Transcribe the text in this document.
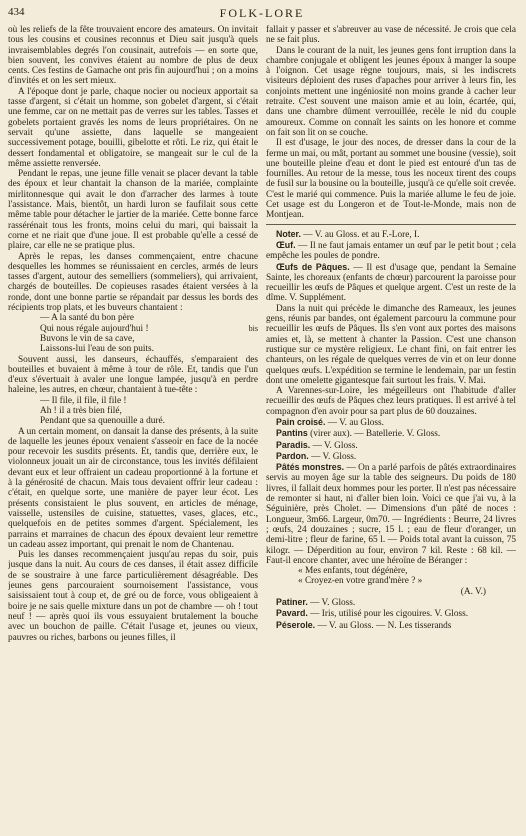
434	FOLK-LORE

où les reliefs de la fête trouvaient encore des amateurs. On invitait tous les cousins et cousines reconnus et Dieu sait jusqu'à quels invraisemblables degrés l'on cousinait, autrefois — en sorte que, bien souvent, les convives étaient au nombre de plus de deux cents. Ces festins de Gamache ont pris fin aujourd'hui ; on a moins d'invités et on les sert mieux.

A l'époque dont je parle, chaque nocier ou nocieux apportait sa tasse d'argent, si c'était un homme, son gobelet d'argent, si c'était une femme, car on ne mettait pas de verres sur les tables. Tasses et gobelets portaient gravés les noms de leurs propriétaires. On ne servait qu'une assiette, dans laquelle se mangeaient successivement potage, bouilli, gibelotte et rôti. Le riz, qui était le dessert fondamental et obligatoire, se mangeait sur le cul de la même assiette renversée.

Pendant le repas, une jeune fille venait se placer devant la table des époux et leur chantait la chanson de la mariée, complainte mirlitonnesque qui avait le don d'arracher des larmes à toute l'assistance. Mais, bientôt, un hardi luron se faufilait sous cette même table pour détacher le jartier de la mariée. Cette bonne farce rassérénait tous les fronts, moins celui du mari, qui baissait la corne et ne riait que d'une joue. Il est probable qu'elle a cessé de plaire, car elle ne se pratique plus.

Après le repas, les danses commençaient, entre chacune desquelles les hommes se réunissaient en cercles, armés de leurs tasses d'argent, autour des semelliers (sommeliers), qui arrivaient, chargés de bouteilles. De copieuses rasades étaient versées à la ronde, dont une bonne partie se répandait par dessus les bords des récipients trop plats, et les buveurs chantaient :

— A la santé du bon père

bis
Qui nous régale aujourd'hui !

Buvons le vin de sa cave,

Laissons-lui l'eau de son puits.

Souvent aussi, les danseurs, échauffés, s'emparaient des bouteilles et buvaient à même à tour de rôle. Et, tandis que l'un d'eux s'évertuait à avaler une longue lampée, jusqu'à en perdre haleine, les autres, en chœur, chantaient à tue-tête :

— Il file, il file, il file !

Ah ! il a très bien filé,

Pendant que sa quenouille a duré.

A un certain moment, on dansait la danse des présents, à la suite de laquelle les jeunes époux venaient s'asseoir en face de la nocée pour recevoir les susdits présents. Et, tandis que, derrière eux, le violonneux jouait un air de circonstance, tous les invités défilaient devant eux et leur offraient un cadeau proportionné à la fortune et à la générosité de chacun. Mais tous devaient offrir leur cadeau : c'était, en quelque sorte, une manière de payer leur écot. Les présents consistaient le plus souvent, en articles de ménage, vaisselle, ustensiles de cuisine, statuettes, vases, glaces, etc., quelquefois en de petites sommes d'argent. Spécialement, les parrains et marraines de chacun des époux devaient leur remettre un cadeau assez important, qui prenait le nom de Chantenau.

Puis les danses recommençaient jusqu'au repas du soir, puis jusque dans la nuit. Au cours de ces danses, il était assez difficile de se soustraire à une farce particulièrement désagréable. Des jeunes gens parcouraient sournoisement l'assistance, vous saisissaient tout à coup et, de gré ou de force, vous obligeaient à boire je ne sais quelle mixture dans un pot de chambre — oh ! tout neuf ! — après quoi ils vous essuyaient brutalement la bouche avec un bouchon de paille. C'était l'usage et, jeunes ou vieux, pauvres ou riches, barbons ou jeunes filles, il

fallait y passer et s'abreuver au vase de nécessité. Je crois que cela ne se fait plus.

Dans le courant de la nuit, les jeunes gens font irruption dans la chambre conjugale et obligent les jeunes époux à manger la soupe à l'oignon. Cet usage règne toujours, mais, si les indiscrets visiteurs déploient des ruses d'apaches pour arriver à leurs fin, les conjoints mettent une ingéniosité non moins grande à cacher leur retraite. C'est souvent une maison amie et au loin, écartée, qui, dans une chambre dûment verrouillée, recèle le nid du couple amoureux. Comme on connaît les saints on les honore et comme on fait son lit on se couche.

Il est d'usage, le jour des noces, de dresser dans la cour de la ferme un mai, ou mât, portant au sommet une bousine (vessie), soit une bouteille pleine d'eau et dont le pied est entouré d'un tas de fournilles. Au retour de la messe, tous les noceux tirent des coups de fusil sur la bousine ou la bouteille, jusqu'à ce qu'elle soit crevée. C'est le marié qui commence. Puis la mariée allume le feu de joie. Cet usage est du Longeron et de Tout-le-Monde, mais non de Montjean.

Noter. — V. au Gloss. et au F.-Lore, I.

Œuf. — Il ne faut jamais entamer un œuf par le petit bout ; cela empêche les poules de pondre.

Œufs de Pâques. — Il est d'usage que, pendant la Semaine Sainte, les choreaux (enfants de chœur) parcourent la paroisse pour recueillir les œufs de Pâques et quelque argent. C'est un reste de la dîme. V. Supplément.

Dans la nuit qui précède le dimanche des Rameaux, les jeunes gens, réunis par bandes, ont également parcouru la commune pour recueillir les œufs de Pâques. Ils s'en vont aux portes des maisons amies et, là, se mettent à chanter la Passion. C'est une chanson rustique sur ce mystère religieux. Le chant fini, on fait entrer les chanteurs, on les régale de quelques verres de vin et on leur donne quelques œufs. L'expédition se termine le lendemain, par un festin dont une omelette gigantesque fait surtout les frais. V. Mai.

A Varennes-sur-Loire, les mégeilleurs ont l'habitude d'aller recueillir des œufs de Pâques chez leurs pratiques. Il est arrivé à tel compagnon d'en avoir pour sa part plus de 60 douzaines.

Pain croisé. — V. au Gloss.

Pantins (virer aux). — Batellerie. V. Gloss.

Paradis. — V. Gloss.

Pardon. — V. Gloss.

Pâtés monstres. — On a parlé parfois de pâtés extraordinaires servis au moyen âge sur la table des seigneurs. Du poids de 180 livres, il fallait deux hommes pour les porter. Il n'est pas nécessaire de remonter si haut, ni d'aller bien loin. Voici ce que j'ai vu, à la Séguinière, près Cholet. — Dimensions d'un pâté de noces : Longueur, 3m66. Largeur, 0m70. — Ingrédients : Beurre, 24 livres ; œufs, 24 douzaines ; sucre, 15 l. ; eau de fleur d'oranger, un demi-litre ; fleur de farine, 65 l. — Poids total avant la cuisson, 75 kilogr. — Déperdition au four, environ 7 kil. Reste : 68 kil. — Faut-il encore chanter, avec une héroïne de Béranger :

« Mes enfants, tout dégénère,

« Croyez-en votre grand'mère ? »

(A. V.)

Patiner. — V. Gloss.

Pavard. — Iris, utilisé pour les cigouires. V. Gloss.

Péserole. — V. au Gloss. — N. Les tisserands
